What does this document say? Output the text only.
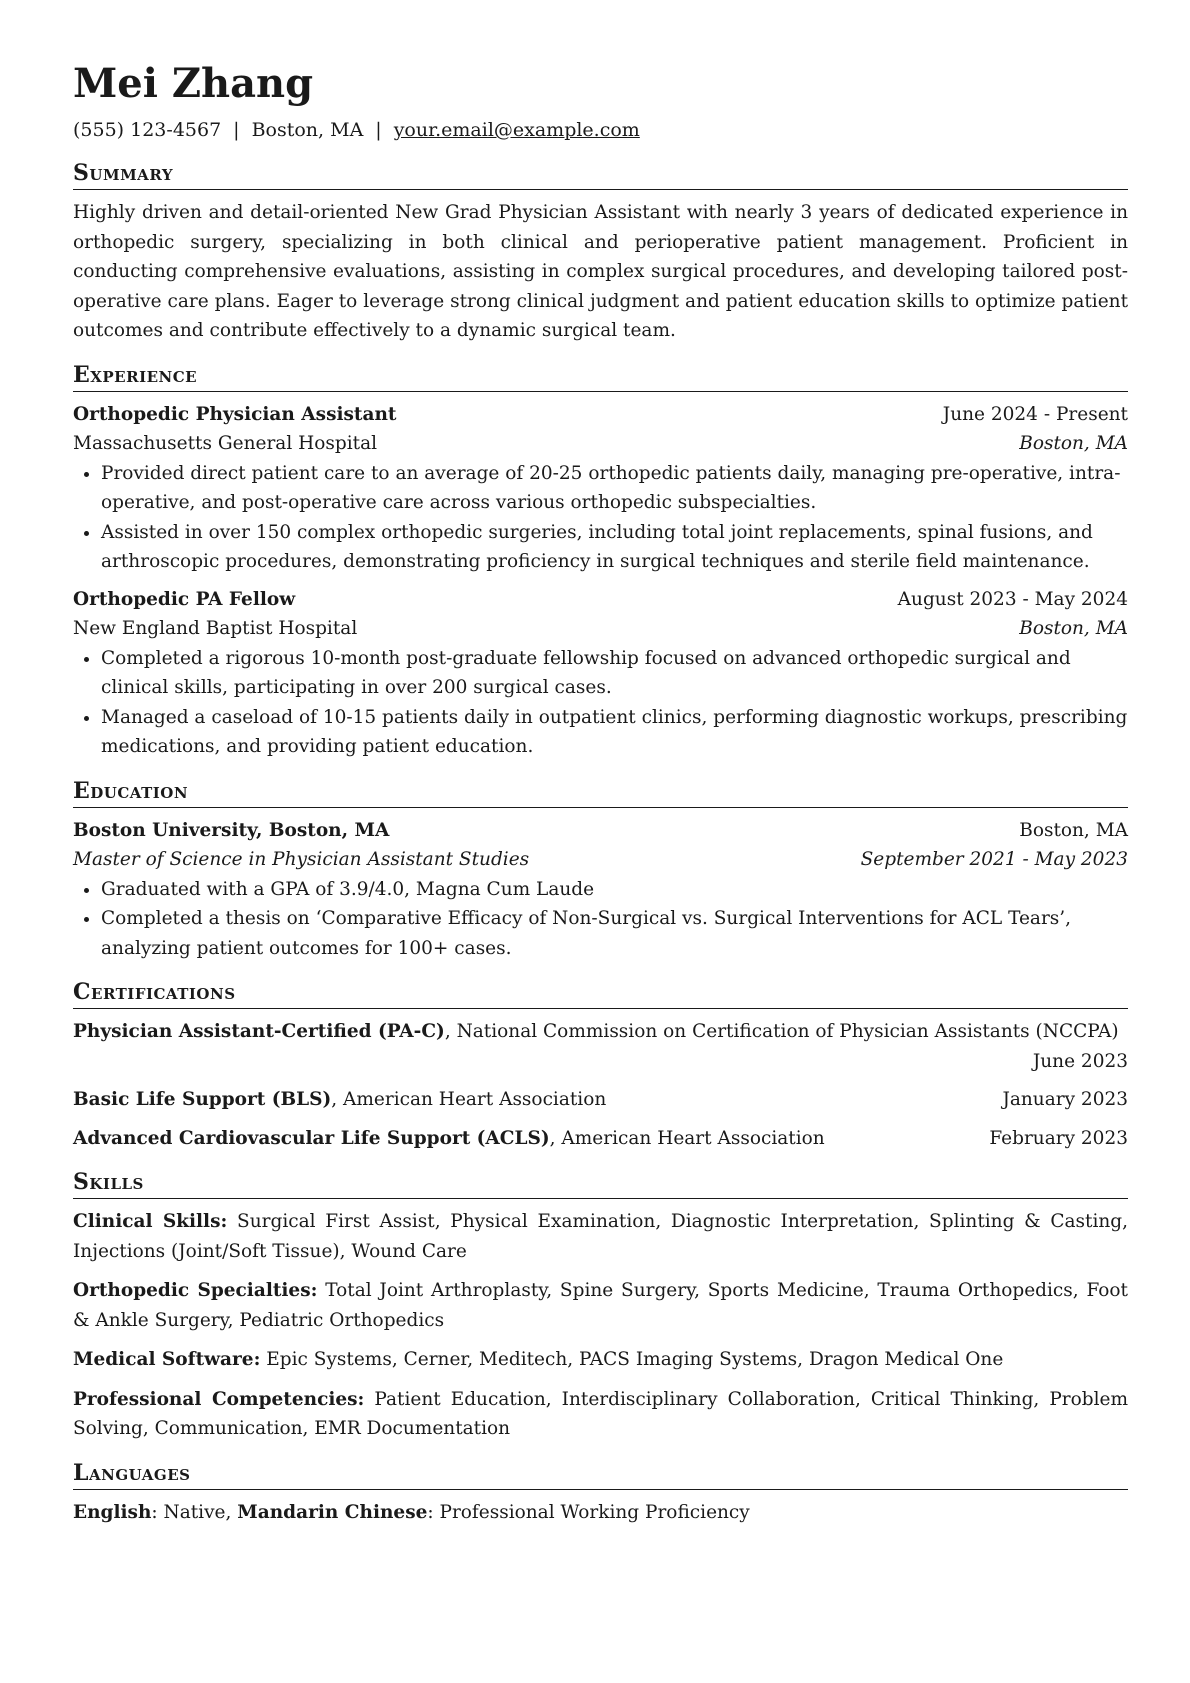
Mei Zhang
(555) 123-4567 | Boston, MA | your.email@example.com
Summary
Highly driven and detail-oriented New Grad Physician Assistant with nearly 3 years of dedicated experience in orthopedic surgery, specializing in both clinical and perioperative patient management. Proficient in conducting comprehensive evaluations, assisting in complex surgical procedures, and developing tailored post-operative care plans. Eager to leverage strong clinical judgment and patient education skills to optimize patient outcomes and contribute effectively to a dynamic surgical team.
Experience
Orthopedic Physician Assistant	June 2024 - Present
Massachusetts General Hospital	Boston, MA
• Provided direct patient care to an average of 20-25 orthopedic patients daily, managing pre-operative, intra-operative, and post-operative care across various orthopedic subspecialties.
• Assisted in over 150 complex orthopedic surgeries, including total joint replacements, spinal fusions, and arthroscopic procedures, demonstrating proficiency in surgical techniques and sterile field maintenance.
Orthopedic PA Fellow	August 2023 - May 2024
New England Baptist Hospital	Boston, MA
• Completed a rigorous 10-month post-graduate fellowship focused on advanced orthopedic surgical and clinical skills, participating in over 200 surgical cases.
• Managed a caseload of 10-15 patients daily in outpatient clinics, performing diagnostic workups, prescribing medications, and providing patient education.
Education
Boston University, Boston, MA	Boston, MA
Master of Science in Physician Assistant Studies	September 2021 - May 2023
• Graduated with a GPA of 3.9/4.0, Magna Cum Laude
• Completed a thesis on ‘Comparative Efficacy of Non-Surgical vs. Surgical Interventions for ACL Tears’, analyzing patient outcomes for 100+ cases.
Certifications
Physician Assistant-Certified (PA-C), National Commission on Certification of Physician Assistants (NCCPA)
June 2023
Basic Life Support (BLS), American Heart Association	January 2023
Advanced Cardiovascular Life Support (ACLS), American Heart Association	February 2023
Skills
Clinical Skills: Surgical First Assist, Physical Examination, Diagnostic Interpretation, Splinting & Casting, Injections (Joint/Soft Tissue), Wound Care
Orthopedic Specialties: Total Joint Arthroplasty, Spine Surgery, Sports Medicine, Trauma Orthopedics, Foot & Ankle Surgery, Pediatric Orthopedics
Medical Software: Epic Systems, Cerner, Meditech, PACS Imaging Systems, Dragon Medical One
Professional Competencies: Patient Education, Interdisciplinary Collaboration, Critical Thinking, Problem Solving, Communication, EMR Documentation
Languages
English: Native, Mandarin Chinese: Professional Working Proficiency
